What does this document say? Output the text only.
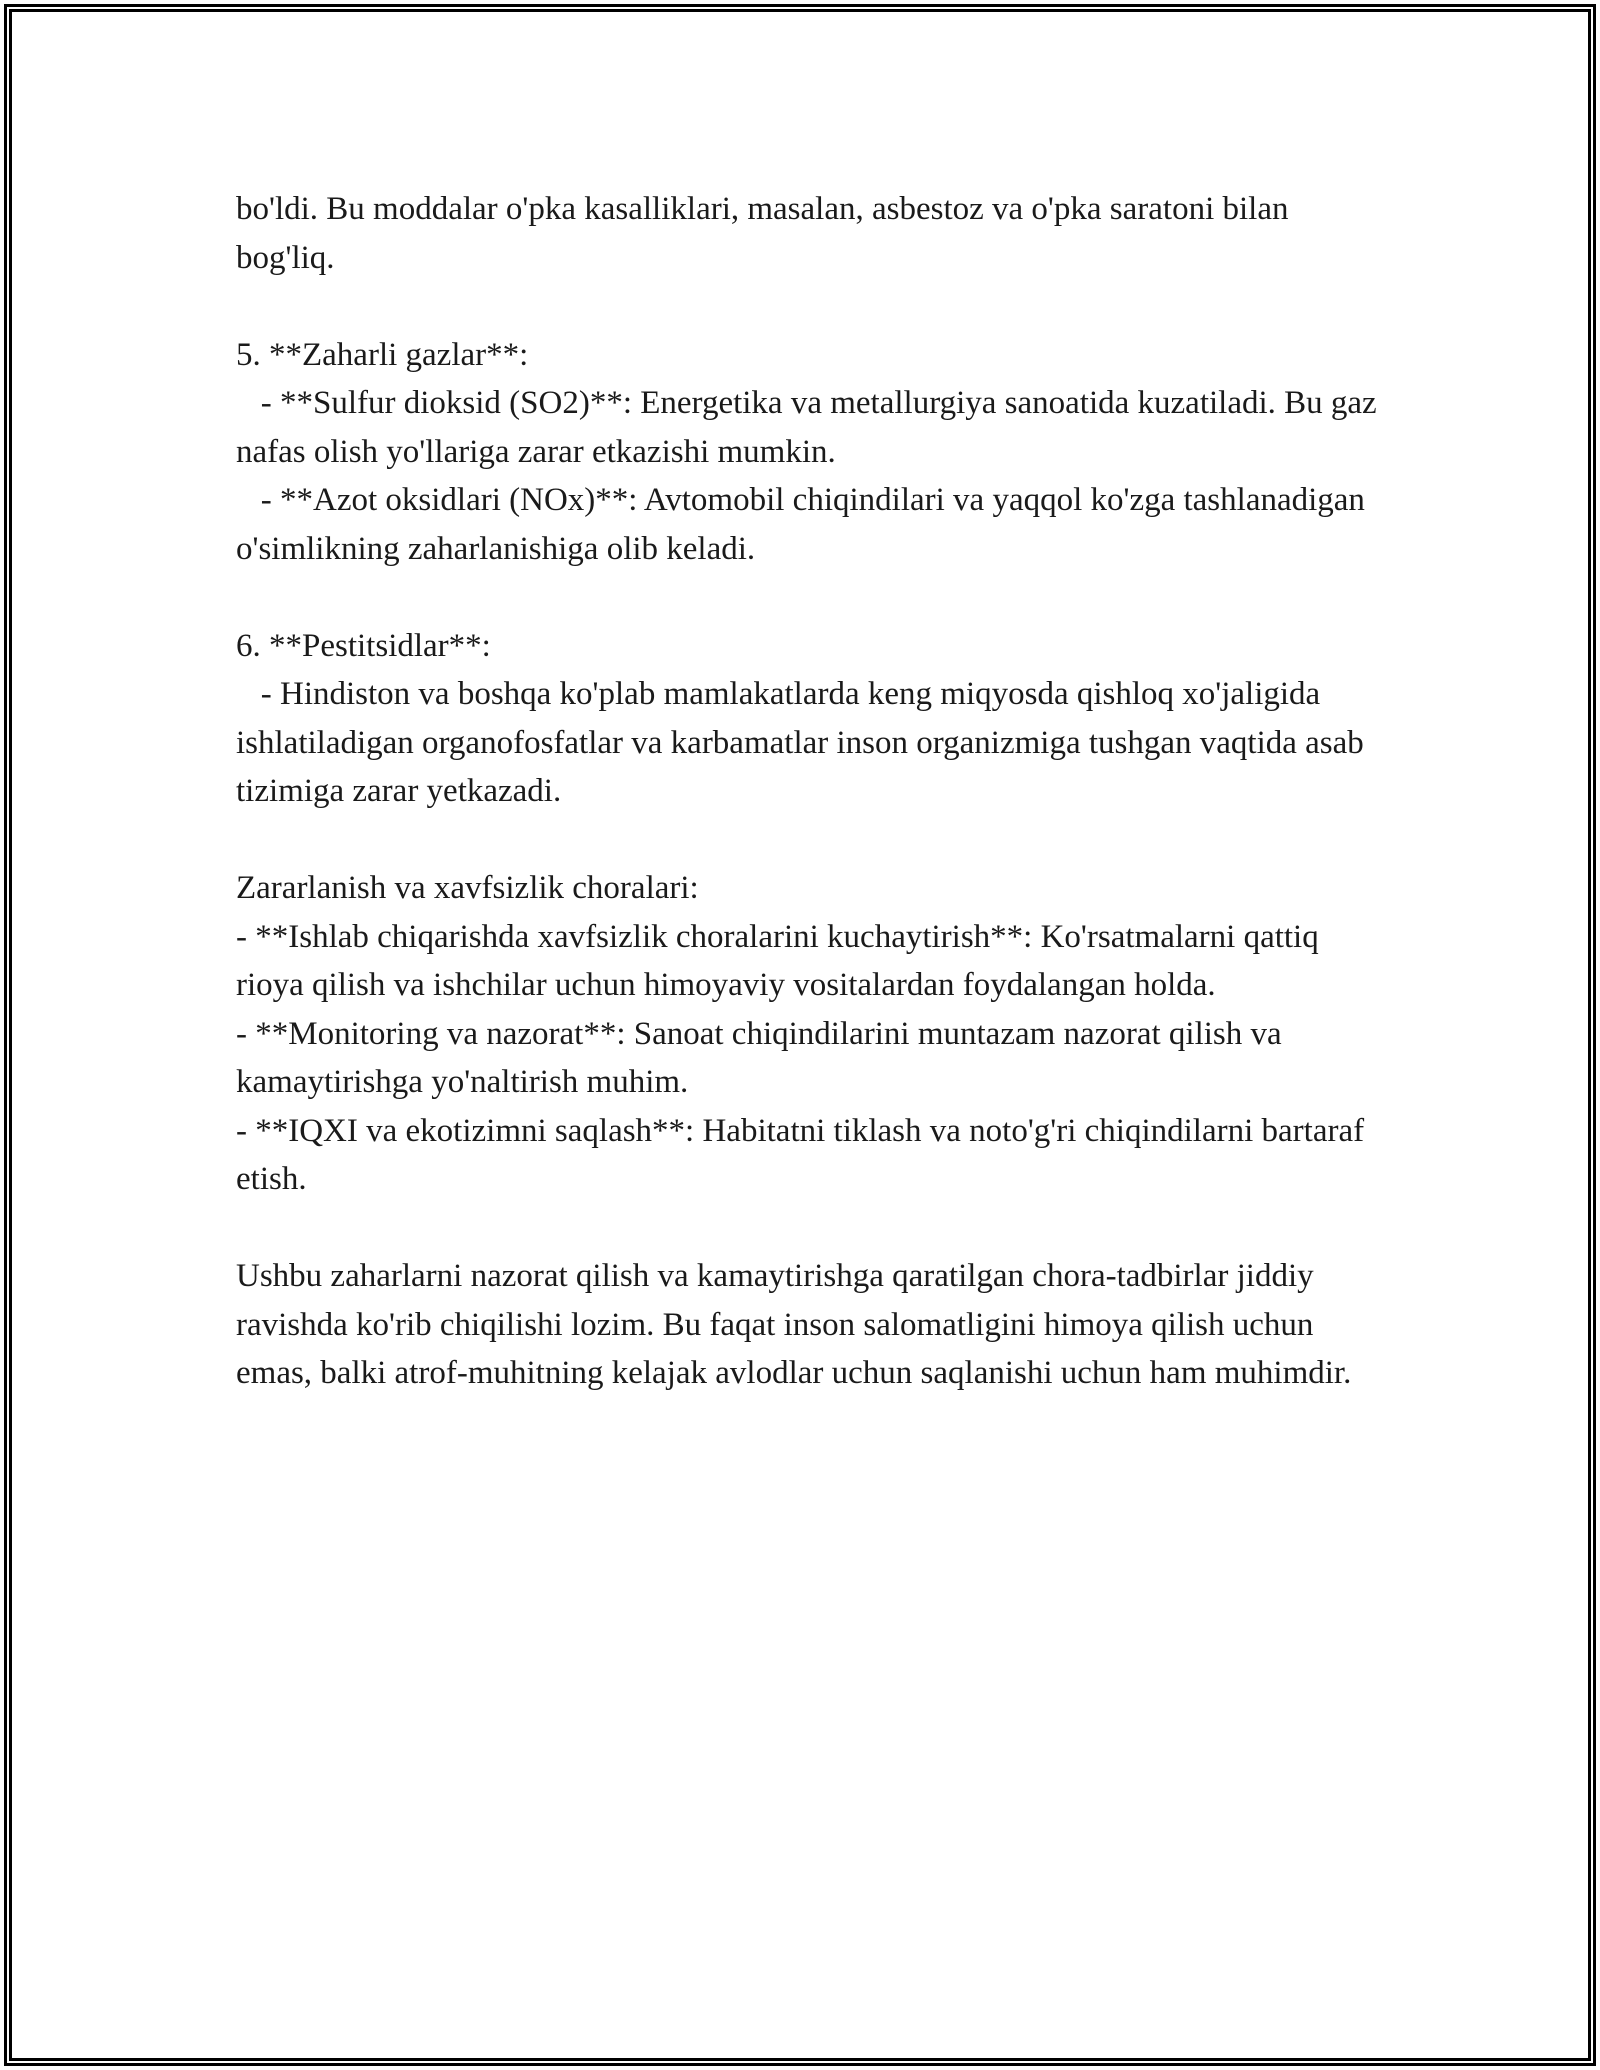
bo'ldi. Bu moddalar o'pka kasalliklari, masalan, asbestoz va o'pka saratoni bilan bog'liq.

5. **Zaharli gazlar**:

- **Sulfur dioksid (SO2)**: Energetika va metallurgiya sanoatida kuzatiladi. Bu gaz nafas olish yo'llariga zarar etkazishi mumkin.

- **Azot oksidlari (NOx)**: Avtomobil chiqindilari va yaqqol ko'zga tashlanadigan o'simlikning zaharlanishiga olib keladi.

6. **Pestitsidlar**:

- Hindiston va boshqa ko'plab mamlakatlarda keng miqyosda qishloq xo'jaligida ishlatiladigan organofosfatlar va karbamatlar inson organizmiga tushgan vaqtida asab tizimiga zarar yetkazadi.

Zararlanish va xavfsizlik choralari:

- **Ishlab chiqarishda xavfsizlik choralarini kuchaytirish**: Ko'rsatmalarni qattiq rioya qilish va ishchilar uchun himoyaviy vositalardan foydalangan holda.

- **Monitoring va nazorat**: Sanoat chiqindilarini muntazam nazorat qilish va kamaytirishga yo'naltirish muhim.

- **IQXI va ekotizimni saqlash**: Habitatni tiklash va noto'g'ri chiqindilarni bartaraf etish.

Ushbu zaharlarni nazorat qilish va kamaytirishga qaratilgan chora-tadbirlar jiddiy ravishda ko'rib chiqilishi lozim. Bu faqat inson salomatligini himoya qilish uchun emas, balki atrof-muhitning kelajak avlodlar uchun saqlanishi uchun ham muhimdir.
